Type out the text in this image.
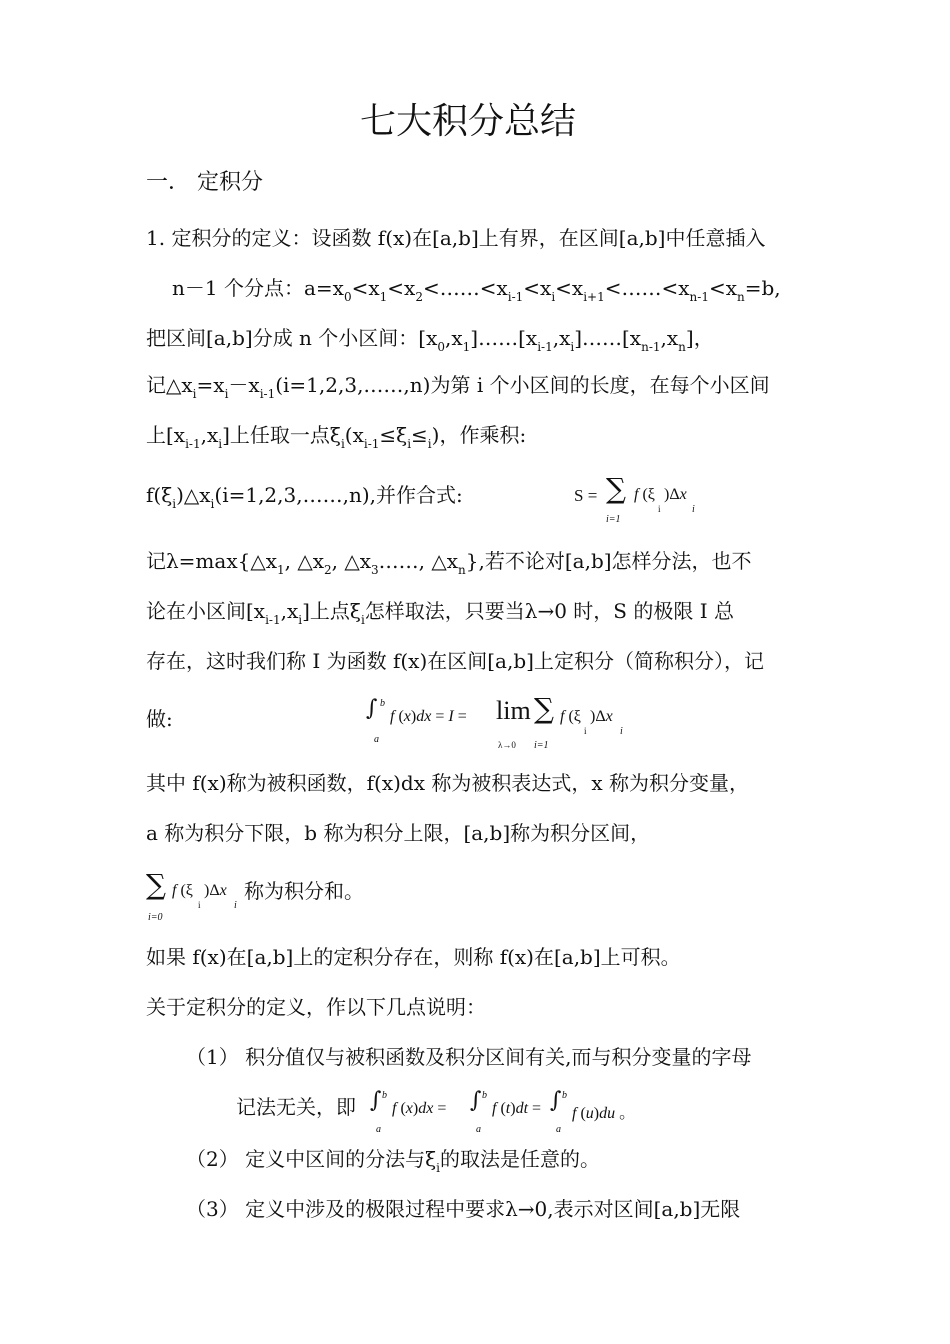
七大积分总结
一． 定积分
1. 定积分的定义：设函数 f(x)在[a,b]上有界，在区间[a,b]中任意插入
n－1 个分点：$a=x_0<x_1<x_2<\dots\dots<x_{i-1}<x_i<x_{i+1}<\dots\dots<x_{n-1}<x_n=b$,
把区间[a,b]分成 n 个小区间：$[x_0,x_1]\dots\dots[x_{i-1},x_i]\dots\dots[x_{n-1},x_n]$，
记$\triangle x_i=x_i-x_{i-1}(i=1,2,3,\dots\dots,n)$为第 i 个小区间的长度，在每个小区间
上$[x_{i-1},x_i]$上任取一点$\xi_i(x_{i-1}\le\xi_i\le_i)$，作乘积:
$f(\xi_i)\triangle x_i(i=1,2,3,\dots\dots,n)$,并作合式:	S = ∑
i=1
f (ξ
i
)Δx
i
记$\lambda=\max\{\triangle x_1$, $\triangle x_2$, $\triangle x_3\dots\dots$, $\triangle x_n$},若不论对[a,b]怎样分法，也不
论在小区间$[x_{i-1},x_i]$上点$\xi_i$怎样取法，只要当λ→0 时，S 的极限 I 总
存在，这时我们称 I 为函数 f(x)在区间[a,b]上定积分（简称积分），记
做:	∫ b
a
f (x)dx = I = lim
λ→0
∑
i=1
f (ξ
i
)Δx
i
其中 f(x)称为被积函数，f(x)dx 称为被积表达式，x 称为积分变量，
a 称为积分下限，b 称为积分上限，[a,b]称为积分区间，
∑
i=0
f (ξ
i
)Δx
i
称为积分和。
如果 f(x)在[a,b]上的定积分存在，则称 f(x)在[a,b]上可积。
关于定积分的定义，作以下几点说明：
（1） 积分值仅与被积函数及积分区间有关,而与积分变量的字母
记法无关，即 ∫ b
a
f (x)dx = ∫ b
a
f (t)dt = ∫ b
a
f (u)du 。
（2） 定义中区间的分法与$\xi_i$的取法是任意的。
（3） 定义中涉及的极限过程中要求λ→0,表示对区间[a,b]无限
